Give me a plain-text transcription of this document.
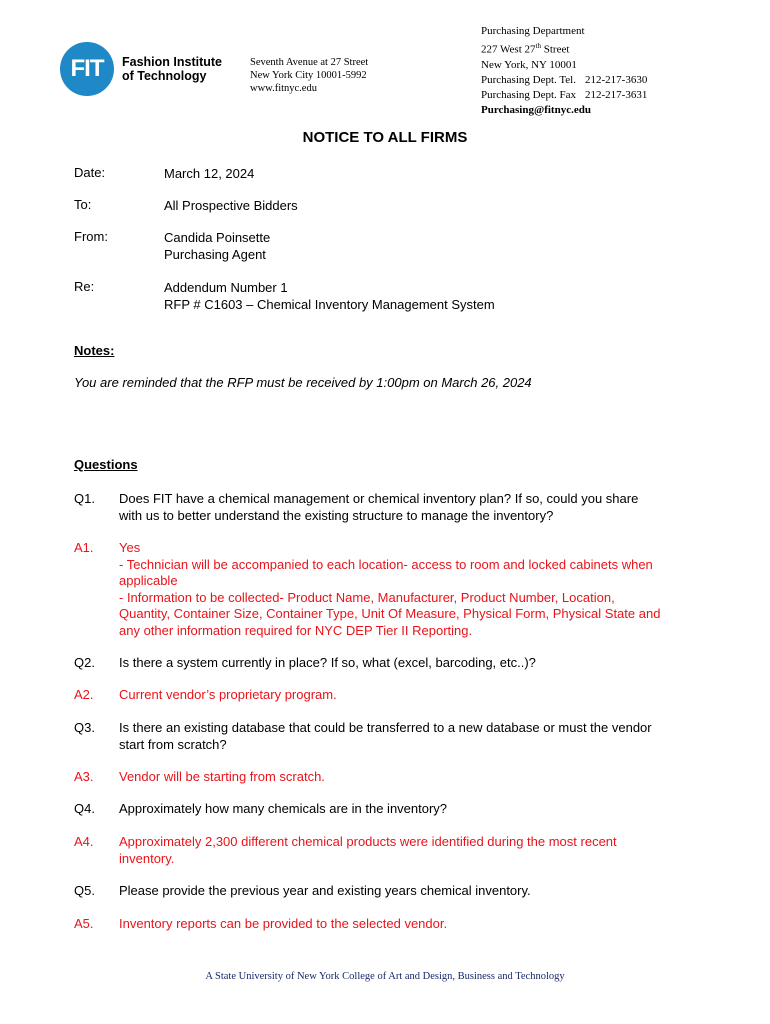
FIT Fashion Institute
of Technology
Seventh Avenue at 27 Street
New York City 10001-5992
www.fitnyc.edu
Purchasing Department
227 West 27th Street
New York, NY 10001
Purchasing Dept. Tel. 212-217-3630
Purchasing Dept. Fax 212-217-3631
Purchasing@fitnyc.edu
NOTICE TO ALL FIRMS
Date:	March 12, 2024
To:	All Prospective Bidders
From:	Candida Poinsette
Purchasing Agent
Re:	Addendum Number 1
RFP # C1603 – Chemical Inventory Management System
Notes:
You are reminded that the RFP must be received by 1:00pm on March 26, 2024
Questions
Q1. Does FIT have a chemical management or chemical inventory plan? If so, could you share
with us to better understand the existing structure to manage the inventory?
A1. Yes
- Technician will be accompanied to each location- access to room and locked cabinets when
applicable
- Information to be collected- Product Name, Manufacturer, Product Number, Location,
Quantity, Container Size, Container Type, Unit Of Measure, Physical Form, Physical State and
any other information required for NYC DEP Tier II Reporting.
Q2. Is there a system currently in place? If so, what (excel, barcoding, etc..)?
A2. Current vendor’s proprietary program.
Q3. Is there an existing database that could be transferred to a new database or must the vendor
start from scratch?
A3. Vendor will be starting from scratch.
Q4. Approximately how many chemicals are in the inventory?
A4. Approximately 2,300 different chemical products were identified during the most recent
inventory.
Q5. Please provide the previous year and existing years chemical inventory.
A5. Inventory reports can be provided to the selected vendor.
A State University of New York College of Art and Design, Business and Technology
